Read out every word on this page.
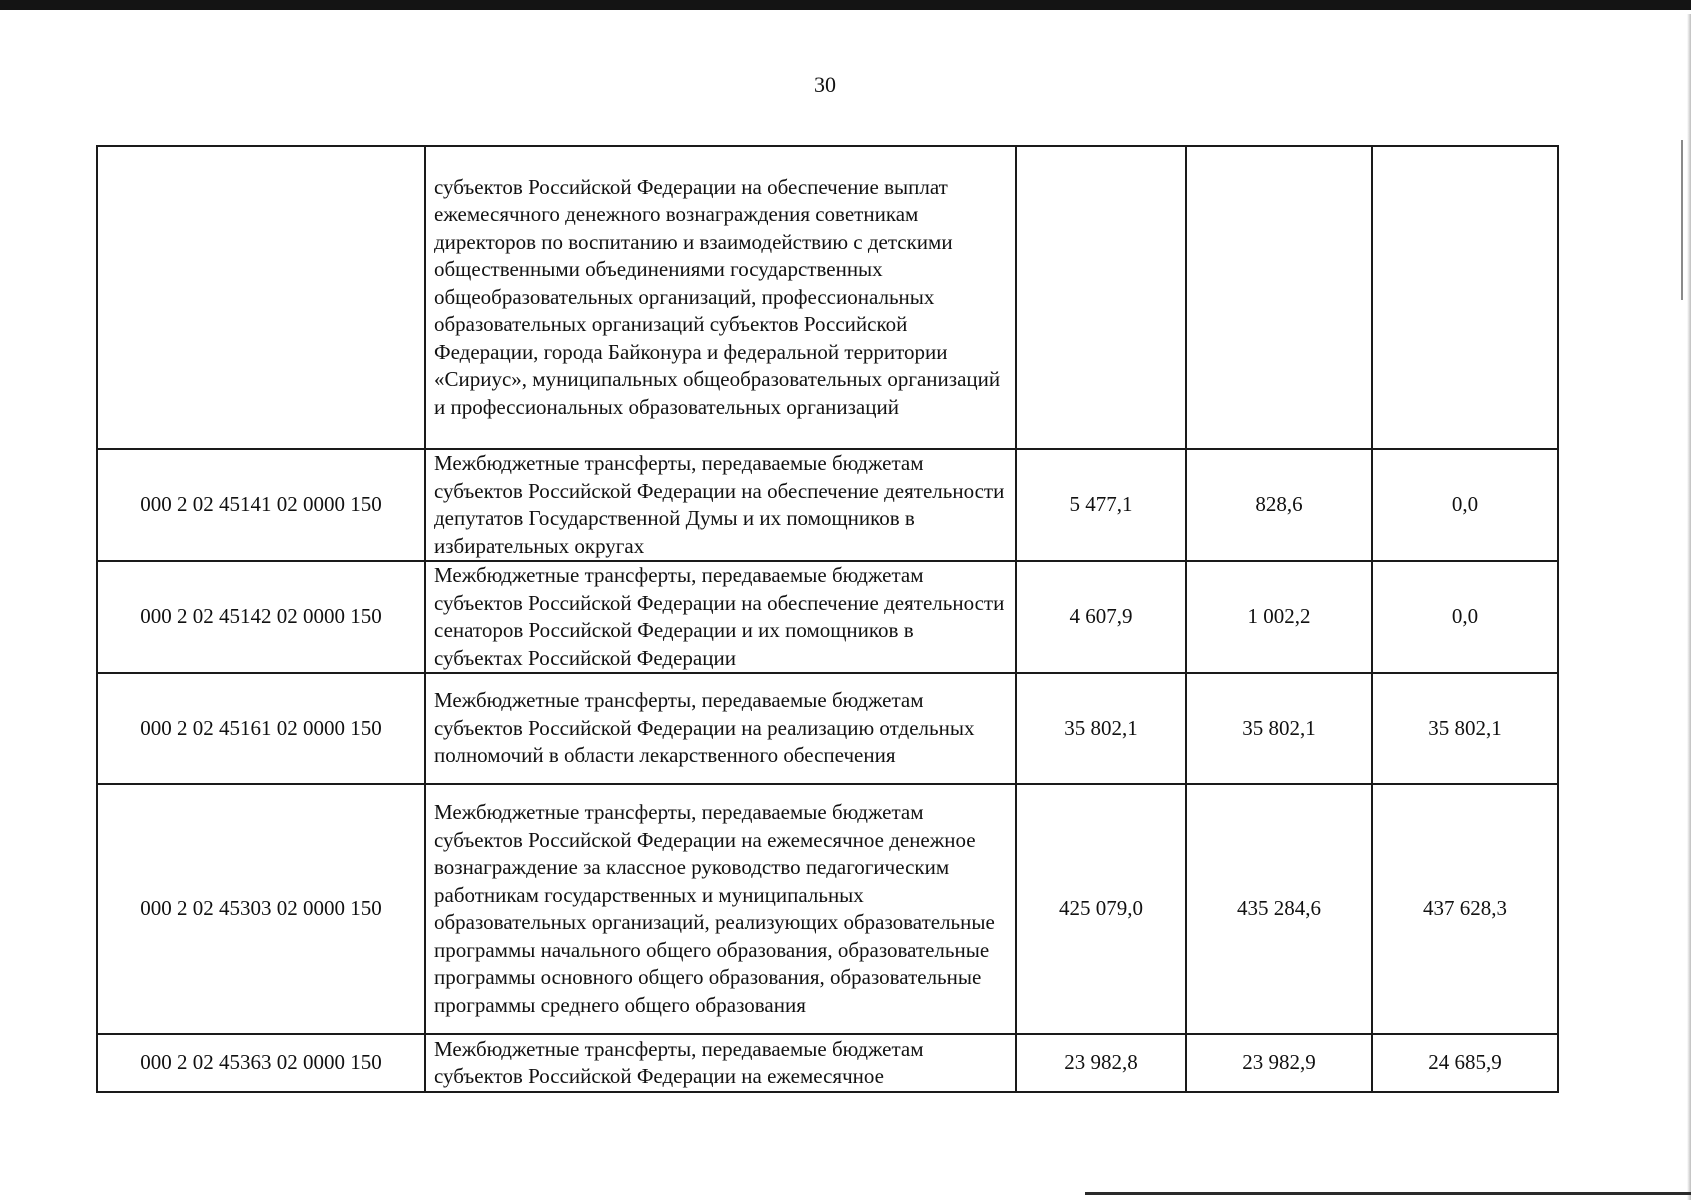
30
	субъектов Российской Федерации на обеспечение выплат ежемесячного денежного вознаграждения советникам директоров по воспитанию и взаимодействию с детскими общественными объединениями государственных общеобразовательных организаций, профессиональных образовательных организаций субъектов Российской Федерации, города Байконура и федеральной территории «Сириус», муниципальных общеобразовательных организаций и профессиональных образовательных организаций			
000 2 02 45141 02 0000 150	Межбюджетные трансферты, передаваемые бюджетам субъектов Российской Федерации на обеспечение деятельности депутатов Государственной Думы и их помощников в избирательных округах	5 477,1	828,6	0,0
000 2 02 45142 02 0000 150	Межбюджетные трансферты, передаваемые бюджетам субъектов Российской Федерации на обеспечение деятельности сенаторов Российской Федерации и их помощников в субъектах Российской Федерации	4 607,9	1 002,2	0,0
000 2 02 45161 02 0000 150	Межбюджетные трансферты, передаваемые бюджетам субъектов Российской Федерации на реализацию отдельных полномочий в области лекарственного обеспечения	35 802,1	35 802,1	35 802,1
000 2 02 45303 02 0000 150	Межбюджетные трансферты, передаваемые бюджетам субъектов Российской Федерации на ежемесячное денежное вознаграждение за классное руководство педагогическим работникам государственных и муниципальных образовательных организаций, реализующих образовательные программы начального общего образования, образовательные программы основного общего образования, образовательные программы среднего общего образования	425 079,0	435 284,6	437 628,3
000 2 02 45363 02 0000 150	Межбюджетные трансферты, передаваемые бюджетам субъектов Российской Федерации на ежемесячное	23 982,8	23 982,9	24 685,9
